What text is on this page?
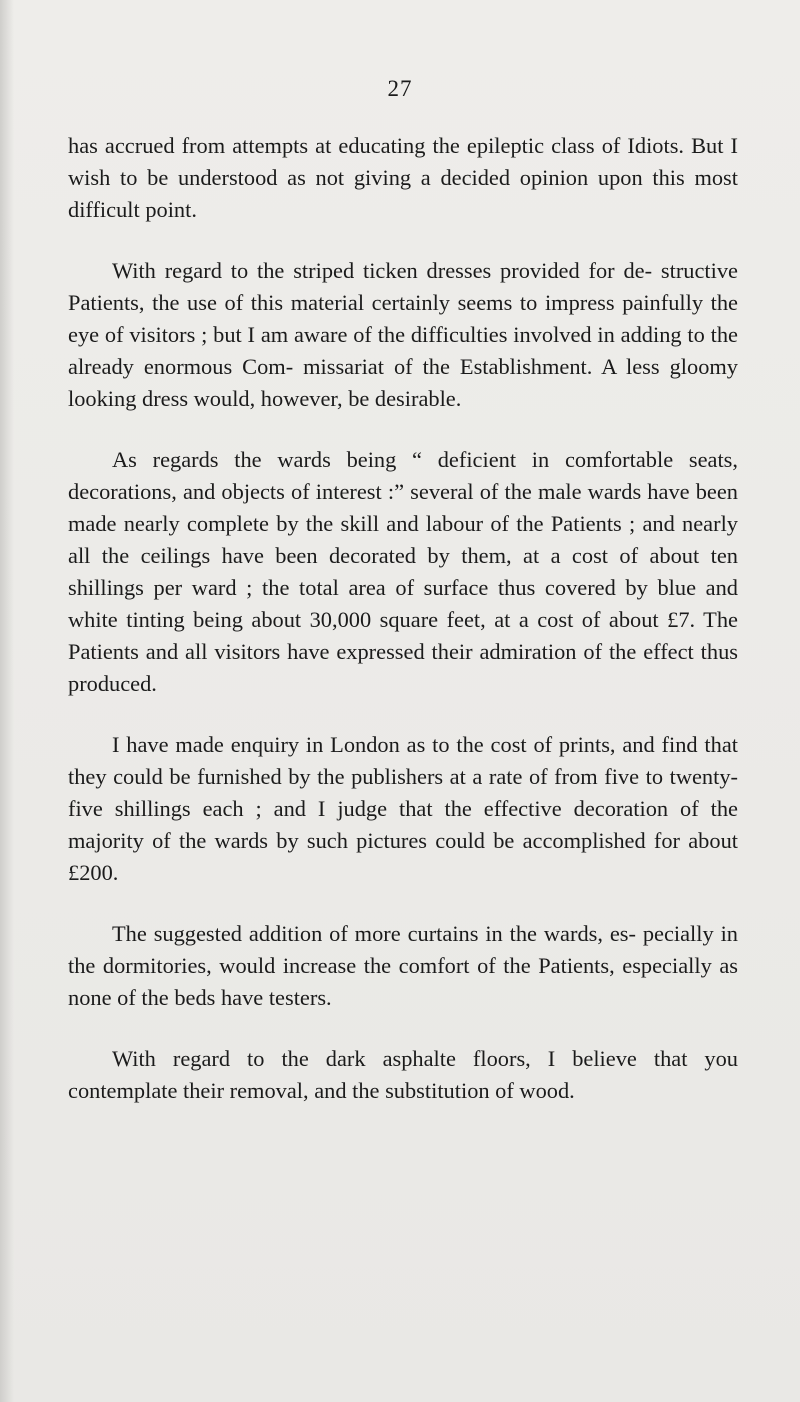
27

has accrued from attempts at educating the epileptic class of Idiots. But I wish to be understood as not giving a decided opinion upon this most difficult point.

With regard to the striped ticken dresses provided for de- structive Patients, the use of this material certainly seems to impress painfully the eye of visitors ; but I am aware of the difficulties involved in adding to the already enormous Com- missariat of the Establishment. A less gloomy looking dress would, however, be desirable.

As regards the wards being “ deficient in comfortable seats, decorations, and objects of interest :” several of the male wards have been made nearly complete by the skill and labour of the Patients ; and nearly all the ceilings have been decorated by them, at a cost of about ten shillings per ward ; the total area of surface thus covered by blue and white tinting being about 30,000 square feet, at a cost of about £7. The Patients and all visitors have expressed their admiration of the effect thus produced.

I have made enquiry in London as to the cost of prints, and find that they could be furnished by the publishers at a rate of from five to twenty-five shillings each ; and I judge that the effective decoration of the majority of the wards by such pictures could be accomplished for about £200.

The suggested addition of more curtains in the wards, es- pecially in the dormitories, would increase the comfort of the Patients, especially as none of the beds have testers.

With regard to the dark asphalte floors, I believe that you contemplate their removal, and the substitution of wood.
